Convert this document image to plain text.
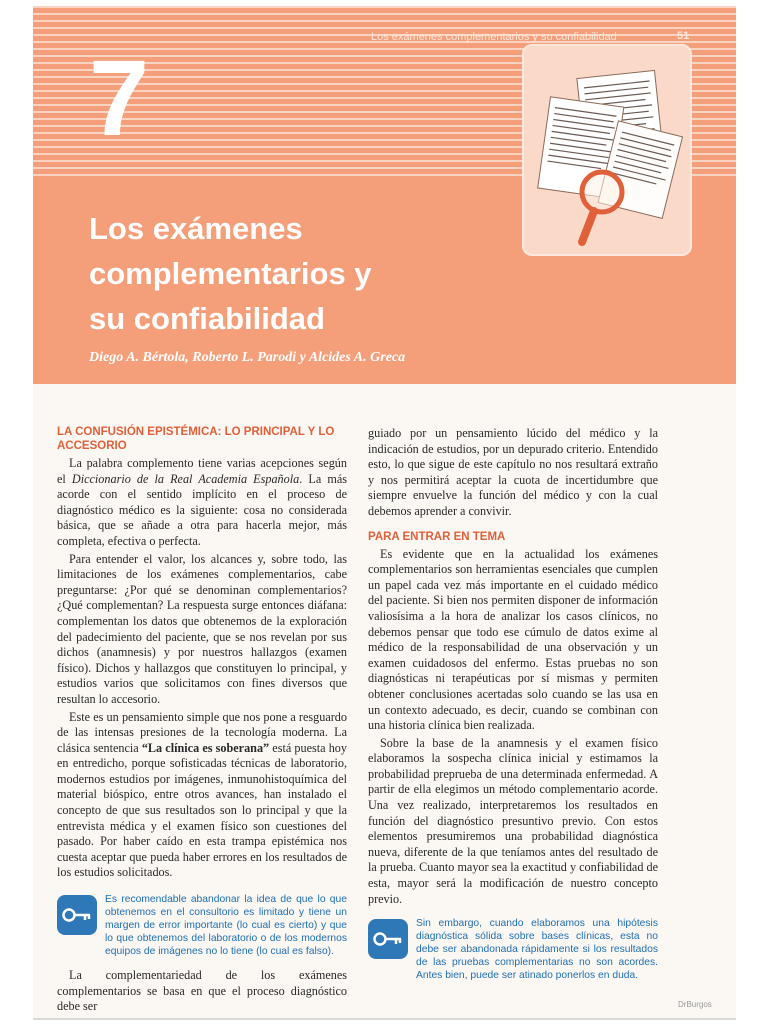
Los exámenes complementarios y su confiabilidad	51
7
Los exámenes
complementarios y
su confiabilidad
Diego A. Bértola, Roberto L. Parodi y Alcides A. Greca
DrBurgos
LA CONFUSIÓN EPISTÉMICA: LO PRINCIPAL Y LO ACCESORIO

La palabra complemento tiene varias acepciones según el Diccionario de la Real Academia Española. La más acorde con el sentido implícito en el proceso de diagnóstico médico es la siguiente: cosa no considerada básica, que se añade a otra para hacerla mejor, más completa, efectiva o perfecta.

Para entender el valor, los alcances y, sobre todo, las limitaciones de los exámenes complementarios, cabe preguntarse: ¿Por qué se denominan complementarios? ¿Qué complementan? La respuesta surge entonces diáfana: complementan los datos que obtenemos de la exploración del padecimiento del paciente, que se nos revelan por sus dichos (anamnesis) y por nuestros hallazgos (examen físico). Dichos y hallazgos que constituyen lo principal, y estudios varios que solicitamos con fines diversos que resultan lo accesorio.

Este es un pensamiento simple que nos pone a resguardo de las intensas presiones de la tecnología moderna. La clásica sentencia “La clínica es soberana” está puesta hoy en entredicho, porque sofisticadas técnicas de laboratorio, modernos estudios por imágenes, inmunohistoquímica del material bióspico, entre otros avances, han instalado el concepto de que sus resultados son lo principal y que la entrevista médica y el examen físico son cuestiones del pasado. Por haber caído en esta trampa epistémica nos cuesta aceptar que pueda haber errores en los resultados de los estudios solicitados.

Es recomendable abandonar la idea de que lo que obtenemos en el consultorio es limitado y tiene un margen de error importante (lo cual es cierto) y que lo que obtenemos del laboratorio o de los modernos equipos de imágenes no lo tiene (lo cual es falso).

La complementariedad de los exámenes complementarios se basa en que el proceso diagnóstico debe ser

guiado por un pensamiento lúcido del médico y la indicación de estudios, por un depurado criterio. Entendido esto, lo que sigue de este capítulo no nos resultará extraño y nos permitirá aceptar la cuota de incertidumbre que siempre envuelve la función del médico y con la cual debemos aprender a convivir.

PARA ENTRAR EN TEMA

Es evidente que en la actualidad los exámenes complementarios son herramientas esenciales que cumplen un papel cada vez más importante en el cuidado médico del paciente. Si bien nos permiten disponer de información valiosísima a la hora de analizar los casos clínicos, no debemos pensar que todo ese cúmulo de datos exime al médico de la responsabilidad de una observación y un examen cuidadosos del enfermo. Estas pruebas no son diagnósticas ni terapéuticas por sí mismas y permiten obtener conclusiones acertadas solo cuando se las usa en un contexto adecuado, es decir, cuando se combinan con una historia clínica bien realizada.

Sobre la base de la anamnesis y el examen físico elaboramos la sospecha clínica inicial y estimamos la probabilidad preprueba de una determinada enfermedad. A partir de ella elegimos un método complementario acorde. Una vez realizado, interpretaremos los resultados en función del diagnóstico presuntivo previo. Con estos elementos presumiremos una probabilidad diagnóstica nueva, diferente de la que teníamos antes del resultado de la prueba. Cuanto mayor sea la exactitud y confiabilidad de esta, mayor será la modificación de nuestro concepto previo.

Sin embargo, cuando elaboramos una hipótesis diagnóstica sólida sobre bases clínicas, esta no debe ser abandonada rápidamente si los resultados de las pruebas complementarias no son acordes. Antes bien, puede ser atinado ponerlos en duda.
